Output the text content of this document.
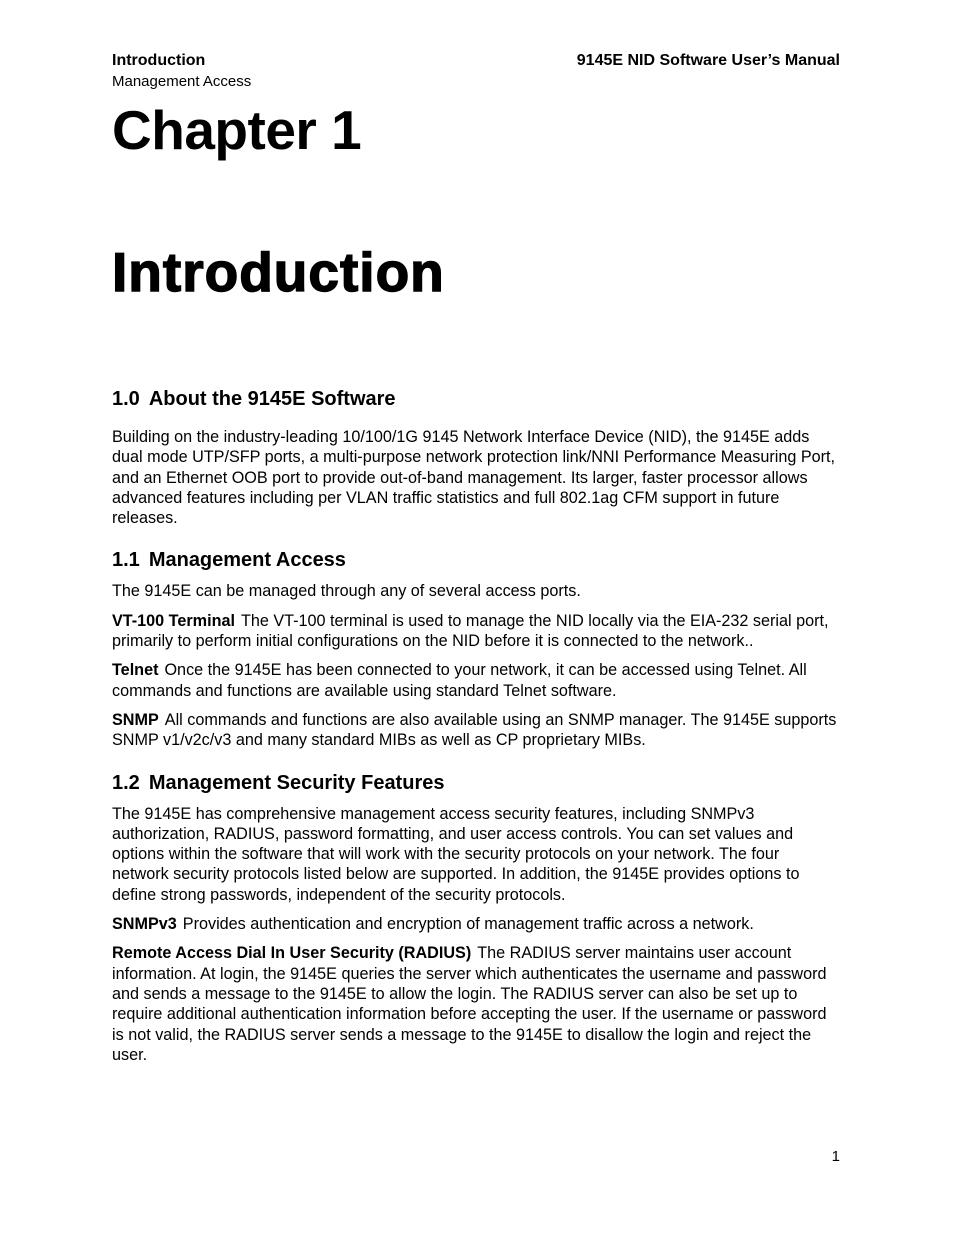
Introduction
Management Access
9145E NID Software User’s Manual
Chapter 1
Introduction
1.0 About the 9145E Software

Building on the industry-leading 10/100/1G 9145 Network Interface Device (NID), the 9145E adds dual mode UTP/SFP ports, a multi-purpose network protection link/NNI Performance Measuring Port, and an Ethernet OOB port to provide out-of-band management. Its larger, faster processor allows advanced features including per VLAN traffic statistics and full 802.1ag CFM support in future releases.

1.1 Management Access

The 9145E can be managed through any of several access ports.

VT-100 Terminal The VT-100 terminal is used to manage the NID locally via the EIA-232 serial port, primarily to perform initial configurations on the NID before it is connected to the network..

Telnet Once the 9145E has been connected to your network, it can be accessed using Telnet. All commands and functions are available using standard Telnet software.

SNMP All commands and functions are also available using an SNMP manager. The 9145E supports SNMP v1/v2c/v3 and many standard MIBs as well as CP proprietary MIBs.

1.2 Management Security Features

The 9145E has comprehensive management access security features, including SNMPv3 authorization, RADIUS, password formatting, and user access controls. You can set values and options within the software that will work with the security protocols on your network. The four network security protocols listed below are supported. In addition, the 9145E provides options to define strong passwords, independent of the security protocols.

SNMPv3 Provides authentication and encryption of management traffic across a network.

Remote Access Dial In User Security (RADIUS) The RADIUS server maintains user account information. At login, the 9145E queries the server which authenticates the username and password and sends a message to the 9145E to allow the login. The RADIUS server can also be set up to require additional authentication information before accepting the user. If the username or password is not valid, the RADIUS server sends a message to the 9145E to disallow the login and reject the user.

1
